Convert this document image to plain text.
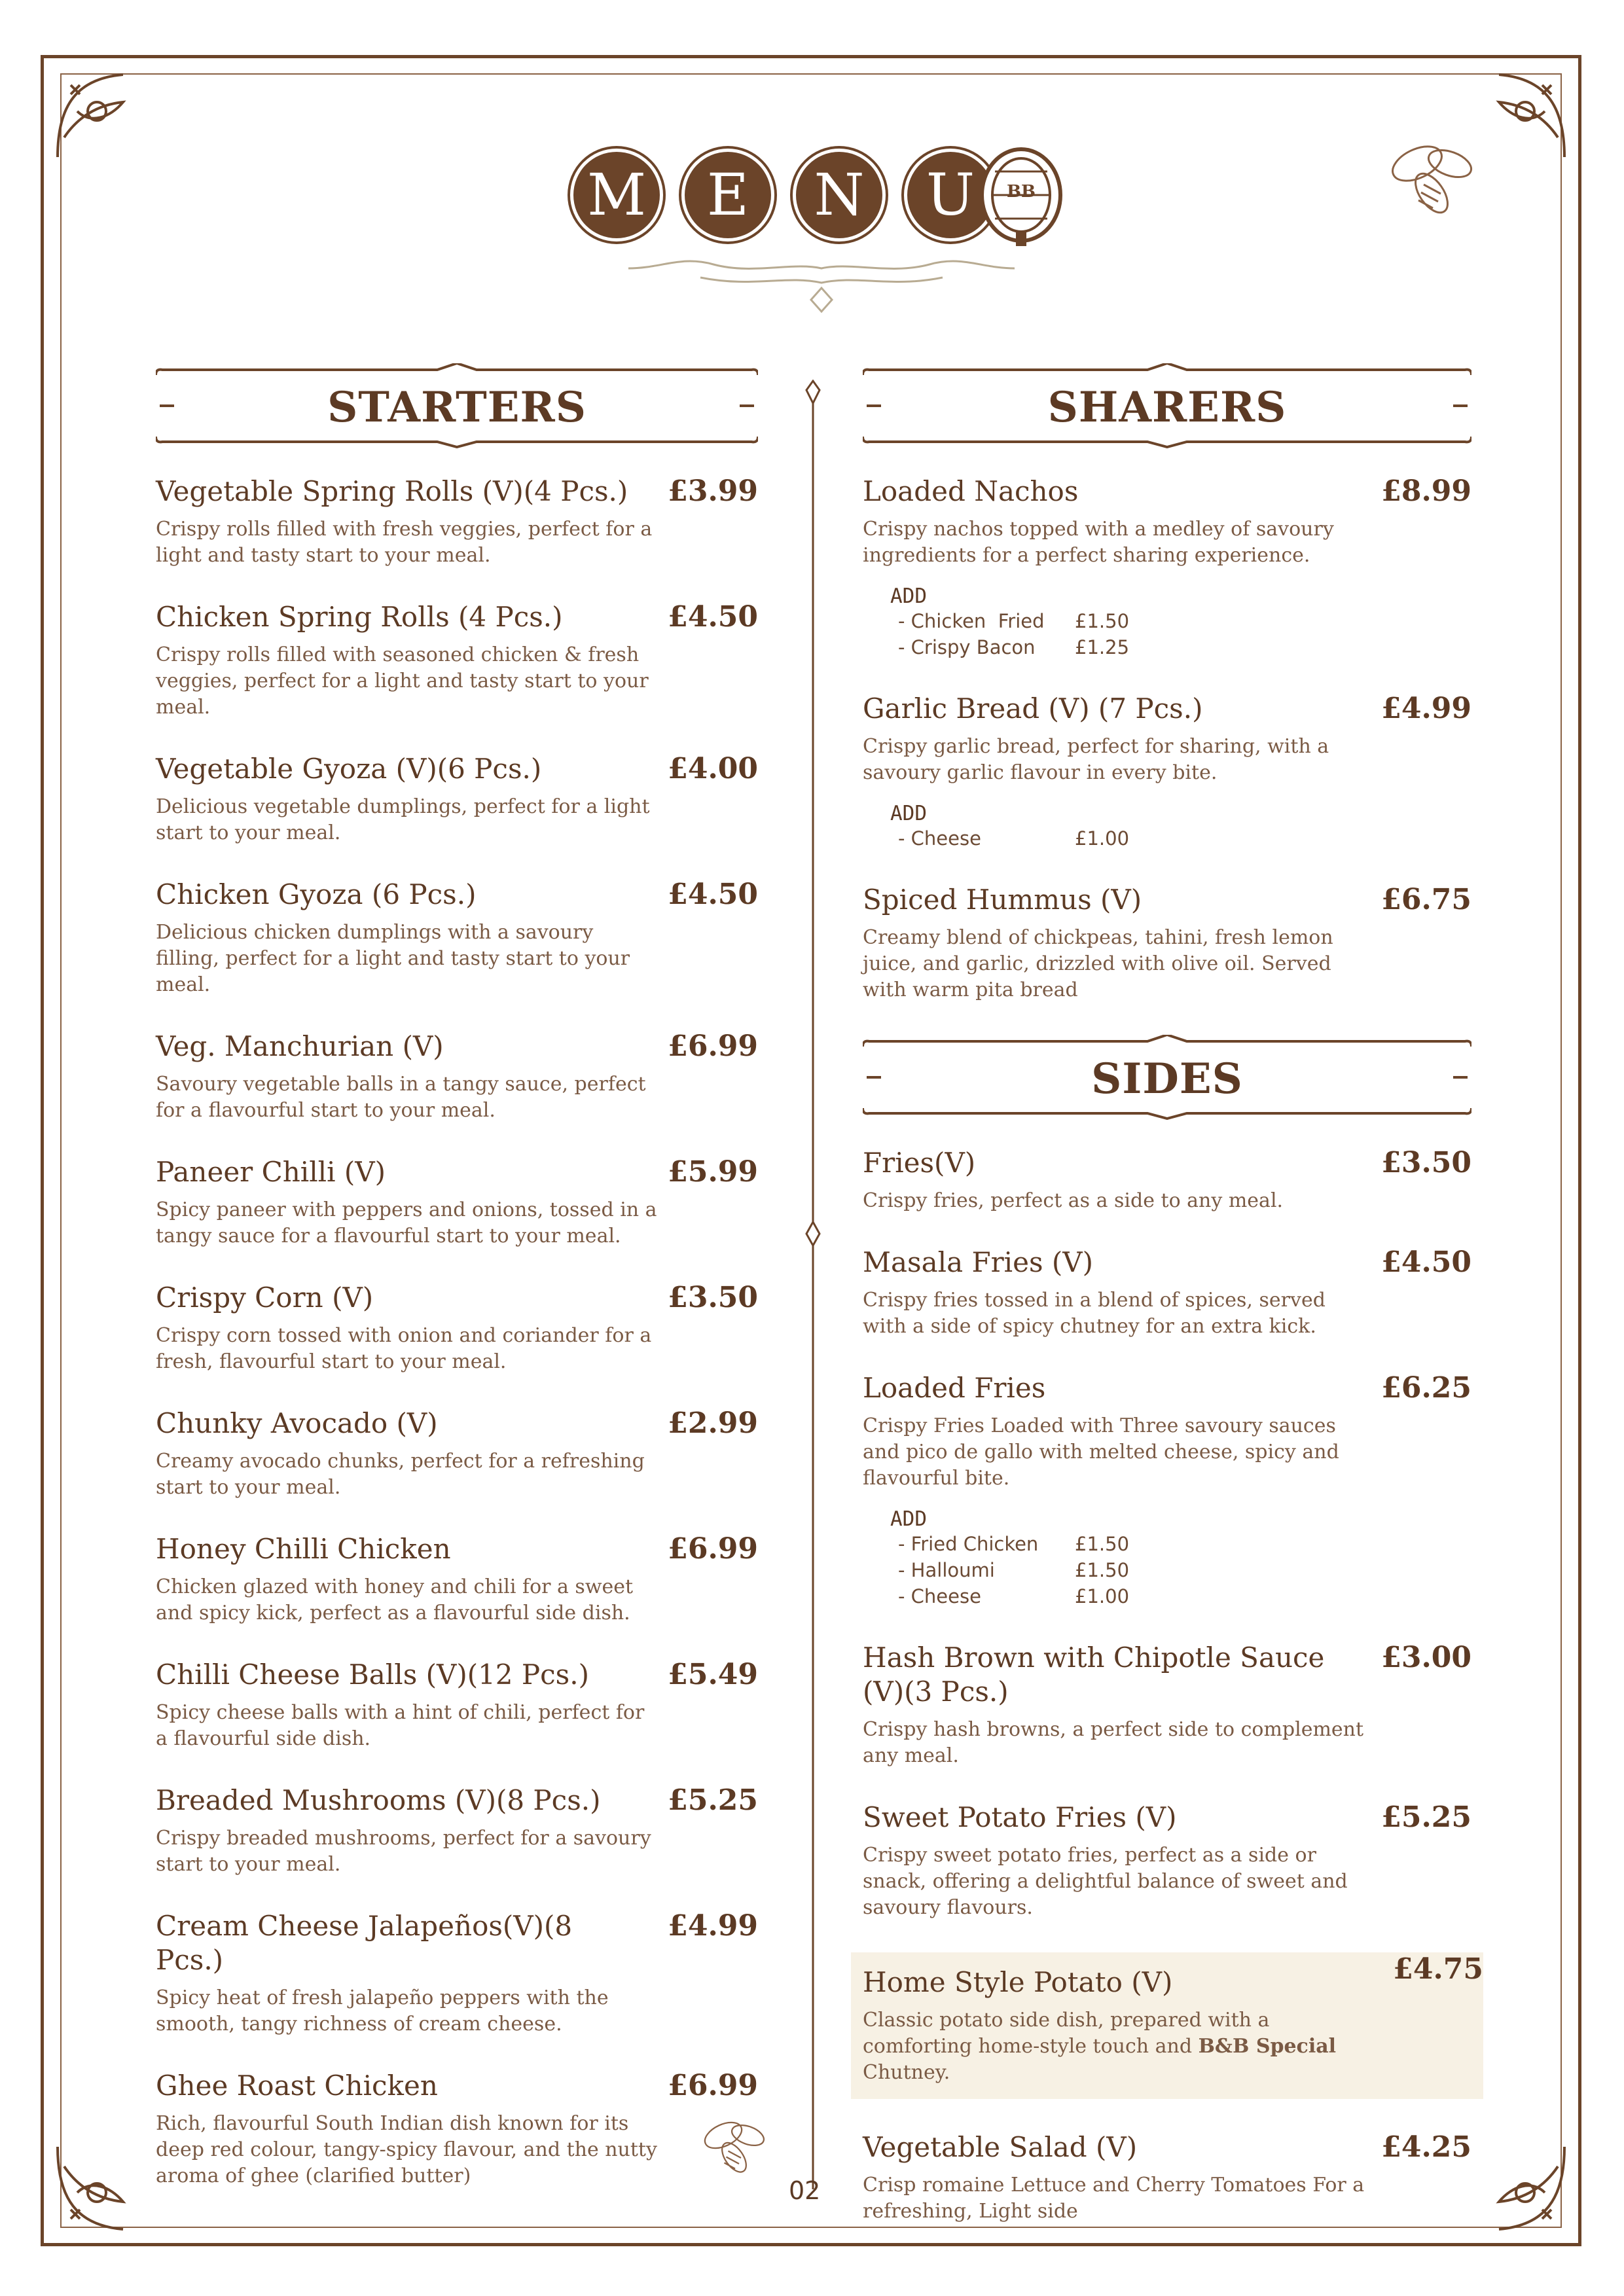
M	E	N	U	BB
STARTERS
Vegetable Spring Rolls (V)(4 Pcs.)	£3.99
Crispy rolls filled with fresh veggies, perfect for a light and tasty start to your meal.
Chicken Spring Rolls (4 Pcs.)	£4.50
Crispy rolls filled with seasoned chicken & fresh veggies, perfect for a light and tasty start to your meal.
Vegetable Gyoza (V)(6 Pcs.)	£4.00
Delicious vegetable dumplings, perfect for a light start to your meal.
Chicken Gyoza (6 Pcs.)	£4.50
Delicious chicken dumplings with a savoury filling, perfect for a light and tasty start to your meal.
Veg. Manchurian (V)	£6.99
Savoury vegetable balls in a tangy sauce, perfect for a flavourful start to your meal.
Paneer Chilli (V)	£5.99
Spicy paneer with peppers and onions, tossed in a tangy sauce for a flavourful start to your meal.
Crispy Corn (V)	£3.50
Crispy corn tossed with onion and coriander for a fresh, flavourful start to your meal.
Chunky Avocado (V)	£2.99
Creamy avocado chunks, perfect for a refreshing start to your meal.
Honey Chilli Chicken	£6.99
Chicken glazed with honey and chili for a sweet and spicy kick, perfect as a flavourful side dish.
Chilli Cheese Balls (V)(12 Pcs.)	£5.49
Spicy cheese balls with a hint of chili, perfect for a flavourful side dish.
Breaded Mushrooms (V)(8 Pcs.)	£5.25
Crispy breaded mushrooms, perfect for a savoury start to your meal.
Cream Cheese Jalapeños(V)(8 Pcs.)
£4.99
Spicy heat of fresh jalapeño peppers with the smooth, tangy richness of cream cheese.
Ghee Roast Chicken	£6.99
Rich, flavourful South Indian dish known for its deep red colour, tangy-spicy flavour, and the nutty aroma of ghee (clarified butter)
SHARERS
Loaded Nachos	£8.99
Crispy nachos topped with a medley of savoury ingredients for a perfect sharing experience.
ADD
- Chicken  Fried £1.50
- Crispy Bacon £1.25
Garlic Bread (V) (7 Pcs.)	£4.99
Crispy garlic bread, perfect for sharing, with a savoury garlic flavour in every bite.
ADD
- Cheese	£1.00
Spiced Hummus (V)	£6.75
Creamy blend of chickpeas, tahini, fresh lemon juice, and garlic, drizzled with olive oil. Served with warm pita bread
SIDES
Fries(V)	£3.50
Crispy fries, perfect as a side to any meal.
Masala Fries (V)	£4.50
Crispy fries tossed in a blend of spices, served with a side of spicy chutney for an extra kick.
Loaded Fries	£6.25
Crispy Fries Loaded with Three savoury sauces and pico de gallo with melted cheese, spicy and flavourful bite.
ADD
- Fried Chicken £1.50
- Halloumi	£1.50
- Cheese	£1.00
Hash Brown with Chipotle Sauce (V)(3 Pcs.)
£3.00
Crispy hash browns, a perfect side to complement any meal.
Sweet Potato Fries (V)	£5.25
Crispy sweet potato fries, perfect as a side or snack, offering a delightful balance of sweet and savoury flavours.
Home Style Potato (V)	£4.75
Classic potato side dish, prepared with a comforting home-style touch and B&B Special Chutney.
Vegetable Salad (V)	£4.25
Crisp romaine Lettuce and Cherry Tomatoes For a refreshing, Light side
02
